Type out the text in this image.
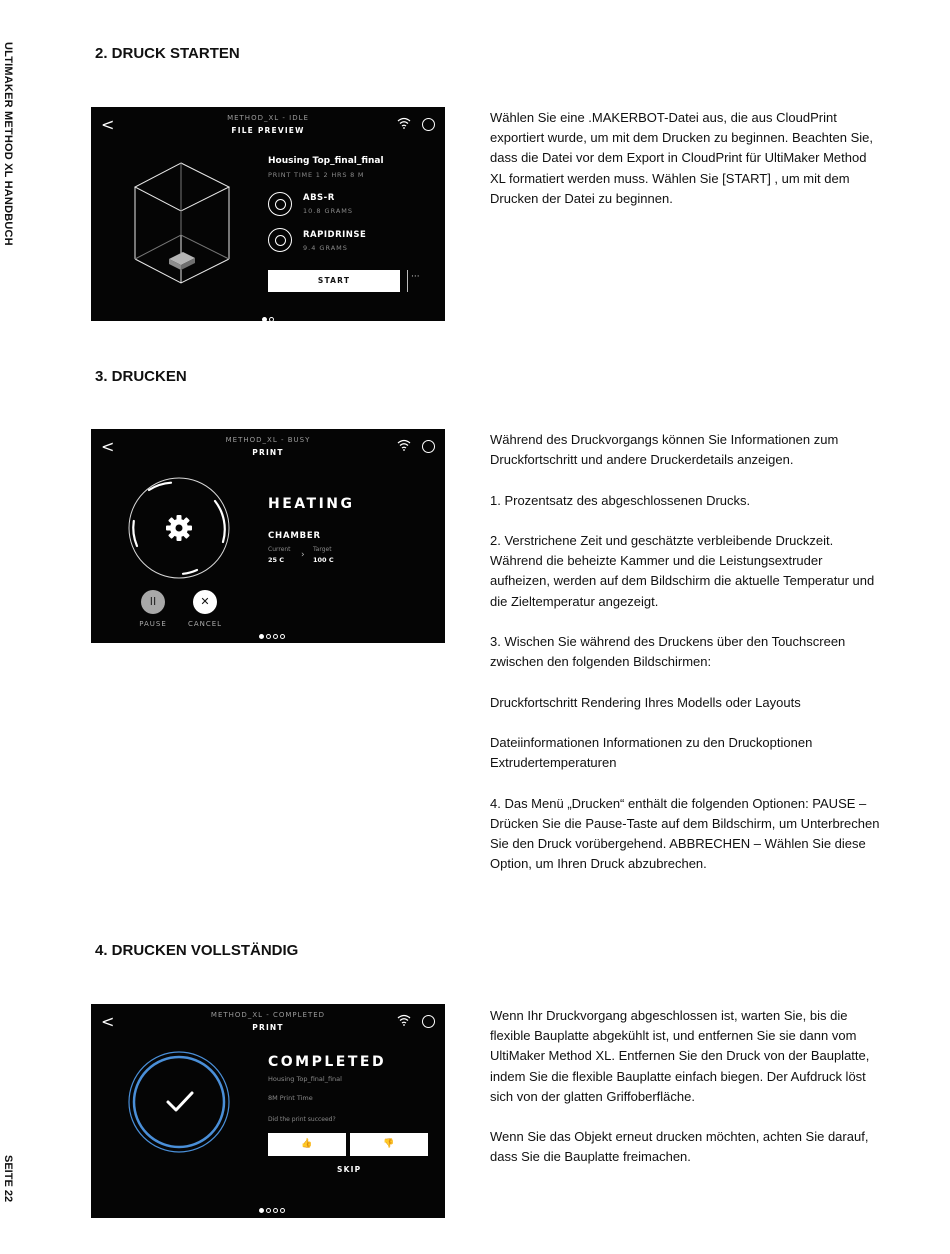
ULTIMAKER METHOD XL HANDBUCH
SEITE 22
2. DRUCK STARTEN
<	METHOD_XL - IDLE
FILE PREVIEW
Housing Top_final_final
PRINT TIME 1 2 HRS 8 M
ABS-R
10.8 GRAMS
RAPIDRINSE
9.4 GRAMS
START	···

Wählen Sie eine .MAKERBOT-Datei aus, die aus CloudPrint exportiert wurde, um mit dem Drucken zu beginnen. Beachten Sie, dass die Datei vor dem Export in CloudPrint für UltiMaker Method XL formatiert werden muss. Wählen Sie [START] , um mit dem Drucken der Datei zu beginnen.

3. DRUCKEN
<	METHOD_XL - BUSY
PRINT
HEATING
CHAMBER
Current	Target
25 C › 100 C
II
PAUSE
✕
CANCEL

Während des Druckvorgangs können Sie Informationen zum Druckfortschritt und andere Druckerdetails anzeigen.

1. Prozentsatz des abgeschlossenen Drucks.

2. Verstrichene Zeit und geschätzte verbleibende Druckzeit. Während die beheizte Kammer und die Leistungsextruder aufheizen, werden auf dem Bildschirm die aktuelle Temperatur und die Zieltemperatur angezeigt.

3. Wischen Sie während des Druckens über den Touchscreen zwischen den folgenden Bildschirmen:

Druckfortschritt Rendering Ihres Modells oder Layouts

Dateiinformationen Informationen zu den Druckoptionen Extrudertemperaturen

4. Das Menü „Drucken“ enthält die folgenden Optionen: PAUSE – Drücken Sie die Pause-Taste auf dem Bildschirm, um Unterbrechen Sie den Druck vorübergehend. ABBRECHEN – Wählen Sie diese Option, um Ihren Druck abzubrechen.

4. DRUCKEN VOLLSTÄNDIG
<	METHOD_XL - COMPLETED
PRINT
COMPLETED
Housing Top_final_final
8M Print Time
Did the print succeed?
👍	👎
SKIP

Wenn Ihr Druckvorgang abgeschlossen ist, warten Sie, bis die flexible Bauplatte abgekühlt ist, und entfernen Sie sie dann vom UltiMaker Method XL. Entfernen Sie den Druck von der Bauplatte, indem Sie die flexible Bauplatte einfach biegen. Der Aufdruck löst sich von der glatten Griffoberfläche.

Wenn Sie das Objekt erneut drucken möchten, achten Sie darauf, dass Sie die Bauplatte freimachen.
